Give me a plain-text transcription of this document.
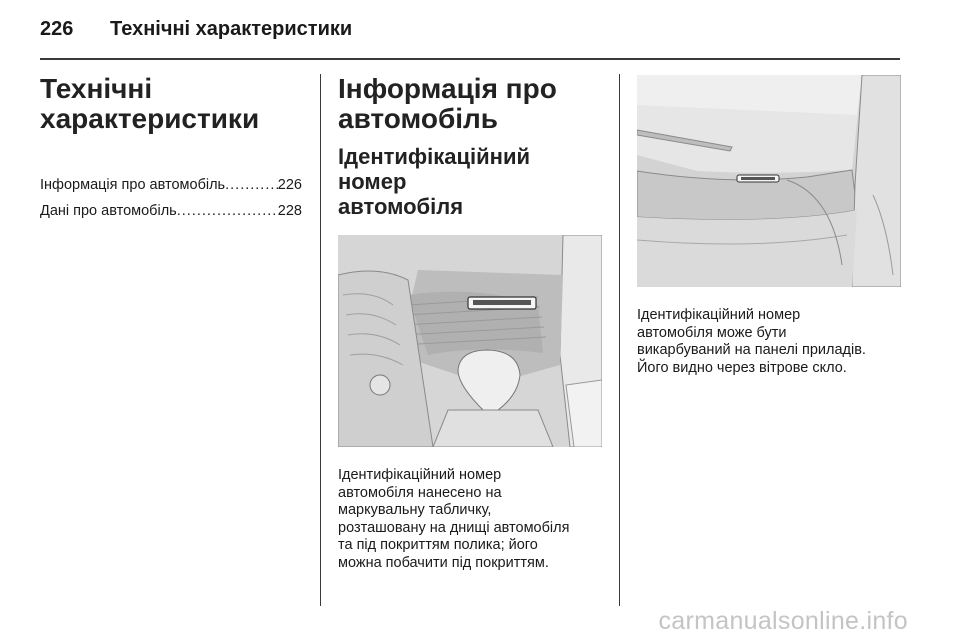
226	Технічні характеристики
Технічні
характеристики
Інформація про автомобіль .....	226
Дані про автомобіль .....	228
Інформація про
автомобіль
Ідентифікаційний номер
автомобіля
Ідентифікаційний номер
автомобіля нанесено на
маркувальну табличку,
розташовану на днищі автомобіля
та під покриттям полика; його
можна побачити під покриттям.
Ідентифікаційний номер
автомобіля може бути
викарбуваний на панелі приладів.
Його видно через вітрове скло.
carmanualsonline.info
